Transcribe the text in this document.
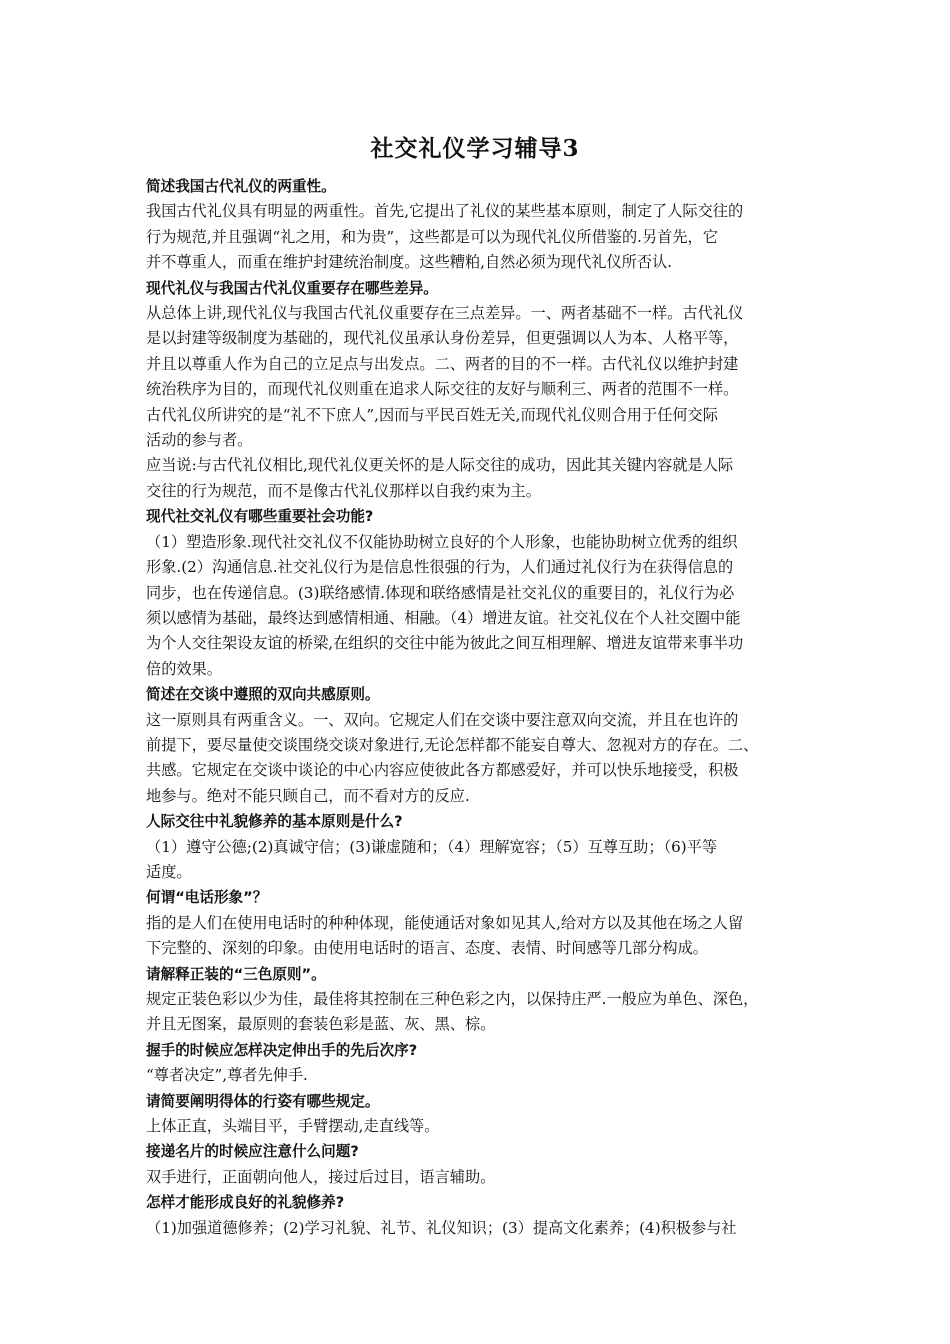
社交礼仪学习辅导3
简述我国古代礼仪的两重性。
我国古代礼仪具有明显的两重性。首先,它提出了礼仪的某些基本原则，制定了人际交往的
行为规范,并且强调“礼之用，和为贵”，这些都是可以为现代礼仪所借鉴的.另首先，它
并不尊重人，而重在维护封建统治制度。这些糟粕,自然必须为现代礼仪所否认.
现代礼仪与我国古代礼仪重要存在哪些差异。
从总体上讲,现代礼仪与我国古代礼仪重要存在三点差异。一、两者基础不一样。古代礼仪
是以封建等级制度为基础的，现代礼仪虽承认身份差异，但更强调以人为本、人格平等，
并且以尊重人作为自己的立足点与出发点。二、两者的目的不一样。古代礼仪以维护封建
统治秩序为目的，而现代礼仪则重在追求人际交往的友好与顺利三、两者的范围不一样。
古代礼仪所讲究的是“礼不下庶人”,因而与平民百姓无关,而现代礼仪则合用于任何交际
活动的参与者。
应当说:与古代礼仪相比,现代礼仪更关怀的是人际交往的成功，因此其关键内容就是人际
交往的行为规范，而不是像古代礼仪那样以自我约束为主。
现代社交礼仪有哪些重要社会功能?
（1）塑造形象.现代社交礼仪不仅能协助树立良好的个人形象，也能协助树立优秀的组织
形象.(2）沟通信息.社交礼仪行为是信息性很强的行为，人们通过礼仪行为在获得信息的
同步，也在传递信息。(3)联络感情.体现和联络感情是社交礼仪的重要目的，礼仪行为必
须以感情为基础，最终达到感情相通、相融。（4）增进友谊。社交礼仪在个人社交圈中能
为个人交往架设友谊的桥梁,在组织的交往中能为彼此之间互相理解、增进友谊带来事半功
倍的效果。
简述在交谈中遵照的双向共感原则。
这一原则具有两重含义。一、双向。它规定人们在交谈中要注意双向交流，并且在也许的
前提下，要尽量使交谈围绕交谈对象进行,无论怎样都不能妄自尊大、忽视对方的存在。二、
共感。它规定在交谈中谈论的中心内容应使彼此各方都感爱好，并可以快乐地接受，积极
地参与。绝对不能只顾自己，而不看对方的反应.
人际交往中礼貌修养的基本原则是什么?
（1）遵守公德;(2)真诚守信；(3)谦虚随和；（4）理解宽容；（5）互尊互助；（6)平等
适度。
何谓“电话形象”？
指的是人们在使用电话时的种种体现，能使通话对象如见其人,给对方以及其他在场之人留
下完整的、深刻的印象。由使用电话时的语言、态度、表情、时间感等几部分构成。
请解释正装的“三色原则”。
规定正装色彩以少为佳，最佳将其控制在三种色彩之内，以保持庄严.一般应为单色、深色，
并且无图案，最原则的套装色彩是蓝、灰、黑、棕。
握手的时候应怎样决定伸出手的先后次序?
“尊者决定”,尊者先伸手.
请简要阐明得体的行姿有哪些规定。
上体正直，头端目平，手臂摆动,走直线等。
接递名片的时候应注意什么问题?
双手进行，正面朝向他人，接过后过目，语言辅助。
怎样才能形成良好的礼貌修养?
（1)加强道德修养；(2)学习礼貌、礼节、礼仪知识；(3）提高文化素养；(4)积极参与社
